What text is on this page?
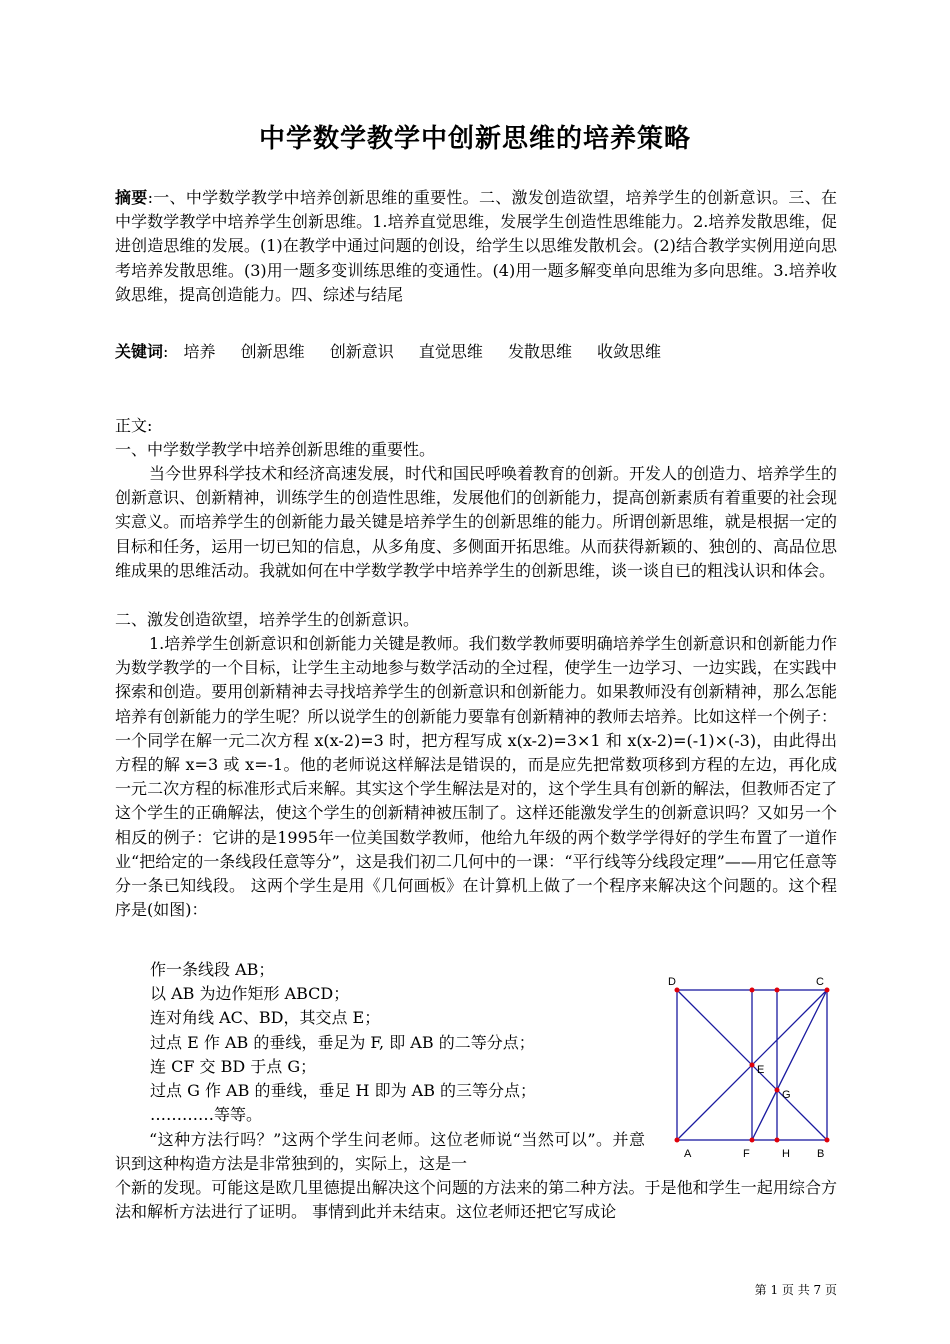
中学数学教学中创新思维的培养策略
摘要:一、中学数学教学中培养创新思维的重要性。二、激发创造欲望，培养学生的创新意识。三、在中学数学教学中培养学生创新思维。1.培养直觉思维，发展学生创造性思维能力。2.培养发散思维，促进创造思维的发展。(1)在教学中通过问题的创设，给学生以思维发散机会。(2)结合教学实例用逆向思考培养发散思维。(3)用一题多变训练思维的变通性。(4)用一题多解变单向思维为多向思维。3.培养收敛思维，提高创造能力。四、综述与结尾
关键词: 培养 创新思维 创新意识 直觉思维 发散思维 收敛思维
正文:
一、中学数学教学中培养创新思维的重要性。
当今世界科学技术和经济高速发展，时代和国民呼唤着教育的创新。开发人的创造力、培养学生的创新意识、创新精神，训练学生的创造性思维，发展他们的创新能力，提高创新素质有着重要的社会现实意义。而培养学生的创新能力最关键是培养学生的创新思维的能力。所谓创新思维，就是根据一定的目标和任务，运用一切已知的信息，从多角度、多侧面开拓思维。从而获得新颖的、独创的、高品位思维成果的思维活动。我就如何在中学数学教学中培养学生的创新思维，谈一谈自已的粗浅认识和体会。
二、激发创造欲望，培养学生的创新意识。
1.培养学生创新意识和创新能力关键是教师。我们数学教师要明确培养学生创新意识和创新能力作为数学教学的一个目标，让学生主动地参与数学活动的全过程，使学生一边学习、一边实践，在实践中探索和创造。要用创新精神去寻找培养学生的创新意识和创新能力。如果教师没有创新精神，那么怎能培养有创新能力的学生呢？所以说学生的创新能力要靠有创新精神的教师去培养。比如这样一个例子：一个同学在解一元二次方程 x(x-2)=3 时，把方程写成 x(x-2)=3×1 和 x(x-2)=(-1)×(-3)，由此得出方程的解 x=3 或 x=-1。他的老师说这样解法是错误的，而是应先把常数项移到方程的左边，再化成一元二次方程的标准形式后来解。其实这个学生解法是对的，这个学生具有创新的解法，但教师否定了这个学生的正确解法，使这个学生的创新精神被压制了。这样还能激发学生的创新意识吗？又如另一个相反的例子：它讲的是1995年一位美国数学教师，他给九年级的两个数学学得好的学生布置了一道作业“把给定的一条线段任意等分”，这是我们初二几何中的一课：“平行线等分线段定理”——用它任意等分一条已知线段。 这两个学生是用《几何画板》在计算机上做了一个程序来解决这个问题的。这个程序是(如图)：
作一条线段 AB；
以 AB 为边作矩形 ABCD；
连对角线 AC、BD，其交点 E；
过点 E 作 AB 的垂线，垂足为 F, 即 AB 的二等分点；
连 CF 交 BD 于点 G；
过点 G 作 AB 的垂线，垂足 H 即为 AB 的三等分点；
…………等等。
“这种方法行吗？”这两个学生问老师。这位老师说“当然可以”。并意识到这种构造方法是非常独到的，实际上，这是一
个新的发现。可能这是欧几里德提出解决这个问题的方法来的第二种方法。于是他和学生一起用综合方法和解析方法进行了证明。 事情到此并未结束。这位老师还把它写成论
D	C
E
G
A	F	H B
第 1 页 共 7 页
